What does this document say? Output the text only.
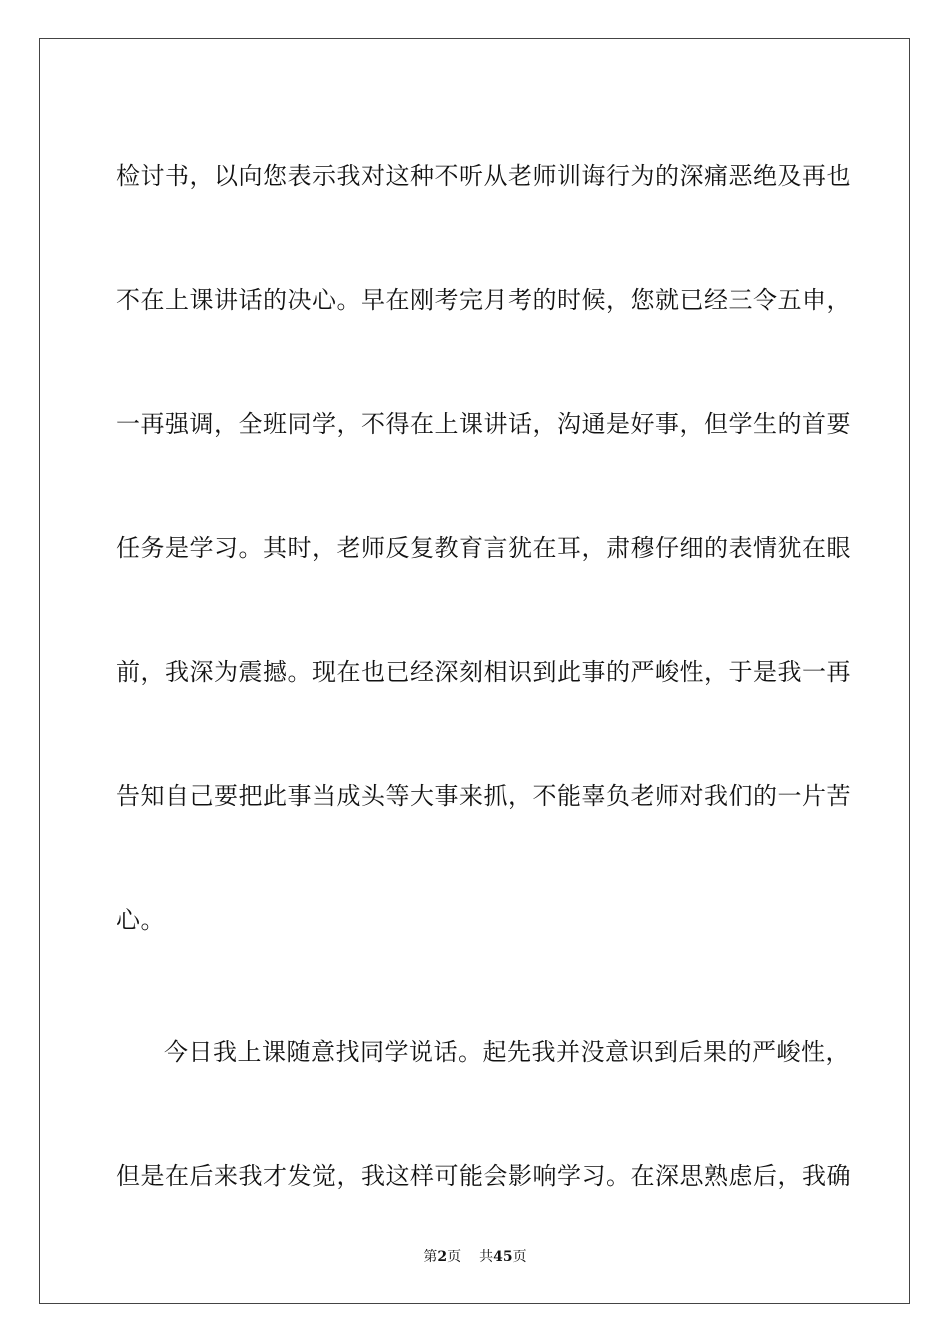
检讨书，以向您表示我对这种不听从老师训诲行为的深痛恶绝及再也

不在上课讲话的决心。早在刚考完月考的时候，您就已经三令五申，

一再强调，全班同学，不得在上课讲话，沟通是好事，但学生的首要

任务是学习。其时，老师反复教育言犹在耳，肃穆仔细的表情犹在眼

前，我深为震撼。现在也已经深刻相识到此事的严峻性，于是我一再

告知自己要把此事当成头等大事来抓，不能辜负老师对我们的一片苦

心。

今日我上课随意找同学说话。起先我并没意识到后果的严峻性，

但是在后来我才发觉，我这样可能会影响学习。在深思熟虑后，我确

第2页 共45页
